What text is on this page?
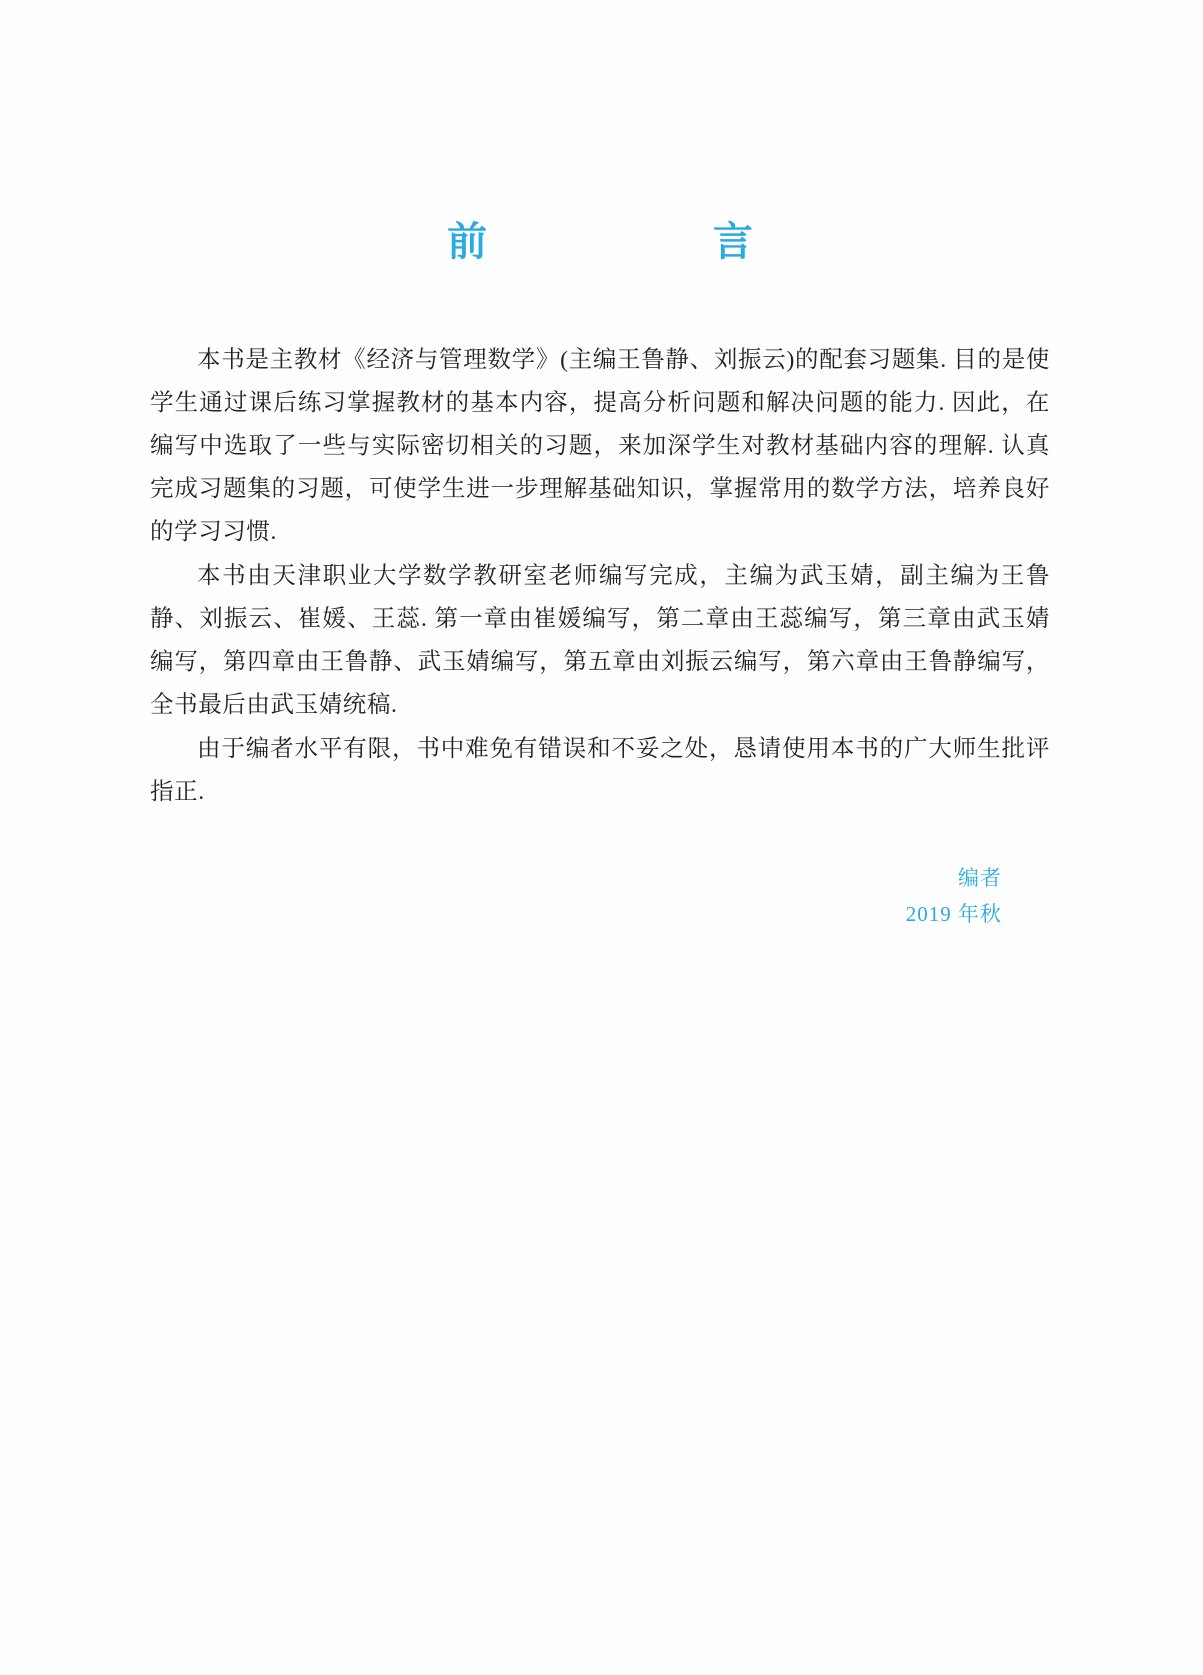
前    言

本书是主教材《经济与管理数学》(主编王鲁静、刘振云)的配套习题集. 目的是使学生通过课后练习掌握教材的基本内容，提高分析问题和解决问题的能力. 因此，在编写中选取了一些与实际密切相关的习题，来加深学生对教材基础内容的理解. 认真完成习题集的习题，可使学生进一步理解基础知识，掌握常用的数学方法，培养良好的学习习惯.

本书由天津职业大学数学教研室老师编写完成，主编为武玉婧，副主编为王鲁静、刘振云、崔媛、王蕊. 第一章由崔媛编写，第二章由王蕊编写，第三章由武玉婧编写，第四章由王鲁静、武玉婧编写，第五章由刘振云编写，第六章由王鲁静编写，全书最后由武玉婧统稿.

由于编者水平有限，书中难免有错误和不妥之处，恳请使用本书的广大师生批评指正.

编者
2019 年秋
